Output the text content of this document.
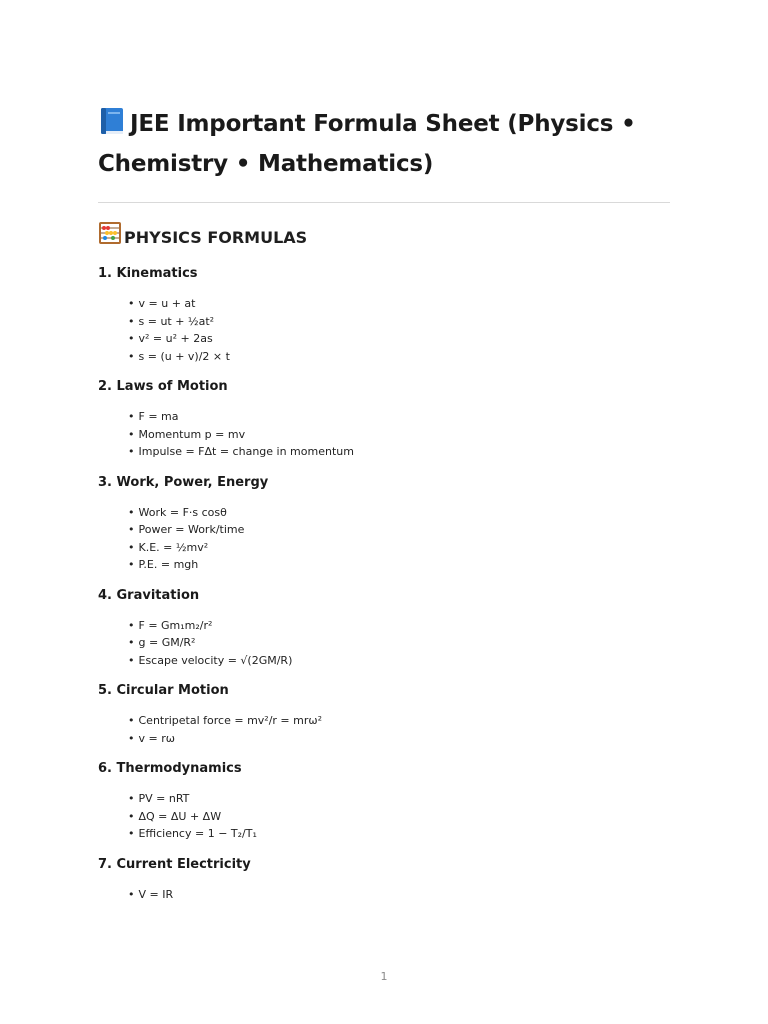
JEE Important Formula Sheet (Physics • Chemistry • Mathematics)
PHYSICS FORMULAS
1. Kinematics
• v = u + at
• s = ut + ½at²
• v² = u² + 2as
• s = (u + v)/2 × t
2. Laws of Motion
• F = ma
• Momentum p = mv
• Impulse = FΔt = change in momentum
3. Work, Power, Energy
• Work = F·s cosθ
• Power = Work/time
• K.E. = ½mv²
• P.E. = mgh
4. Gravitation
• F = Gm₁m₂/r²
• g = GM/R²
• Escape velocity = √(2GM/R)
5. Circular Motion
• Centripetal force = mv²/r = mrω²
• v = rω
6. Thermodynamics
• PV = nRT
• ΔQ = ΔU + ΔW
• Efficiency = 1 − T₂/T₁
7. Current Electricity
• V = IR
1
